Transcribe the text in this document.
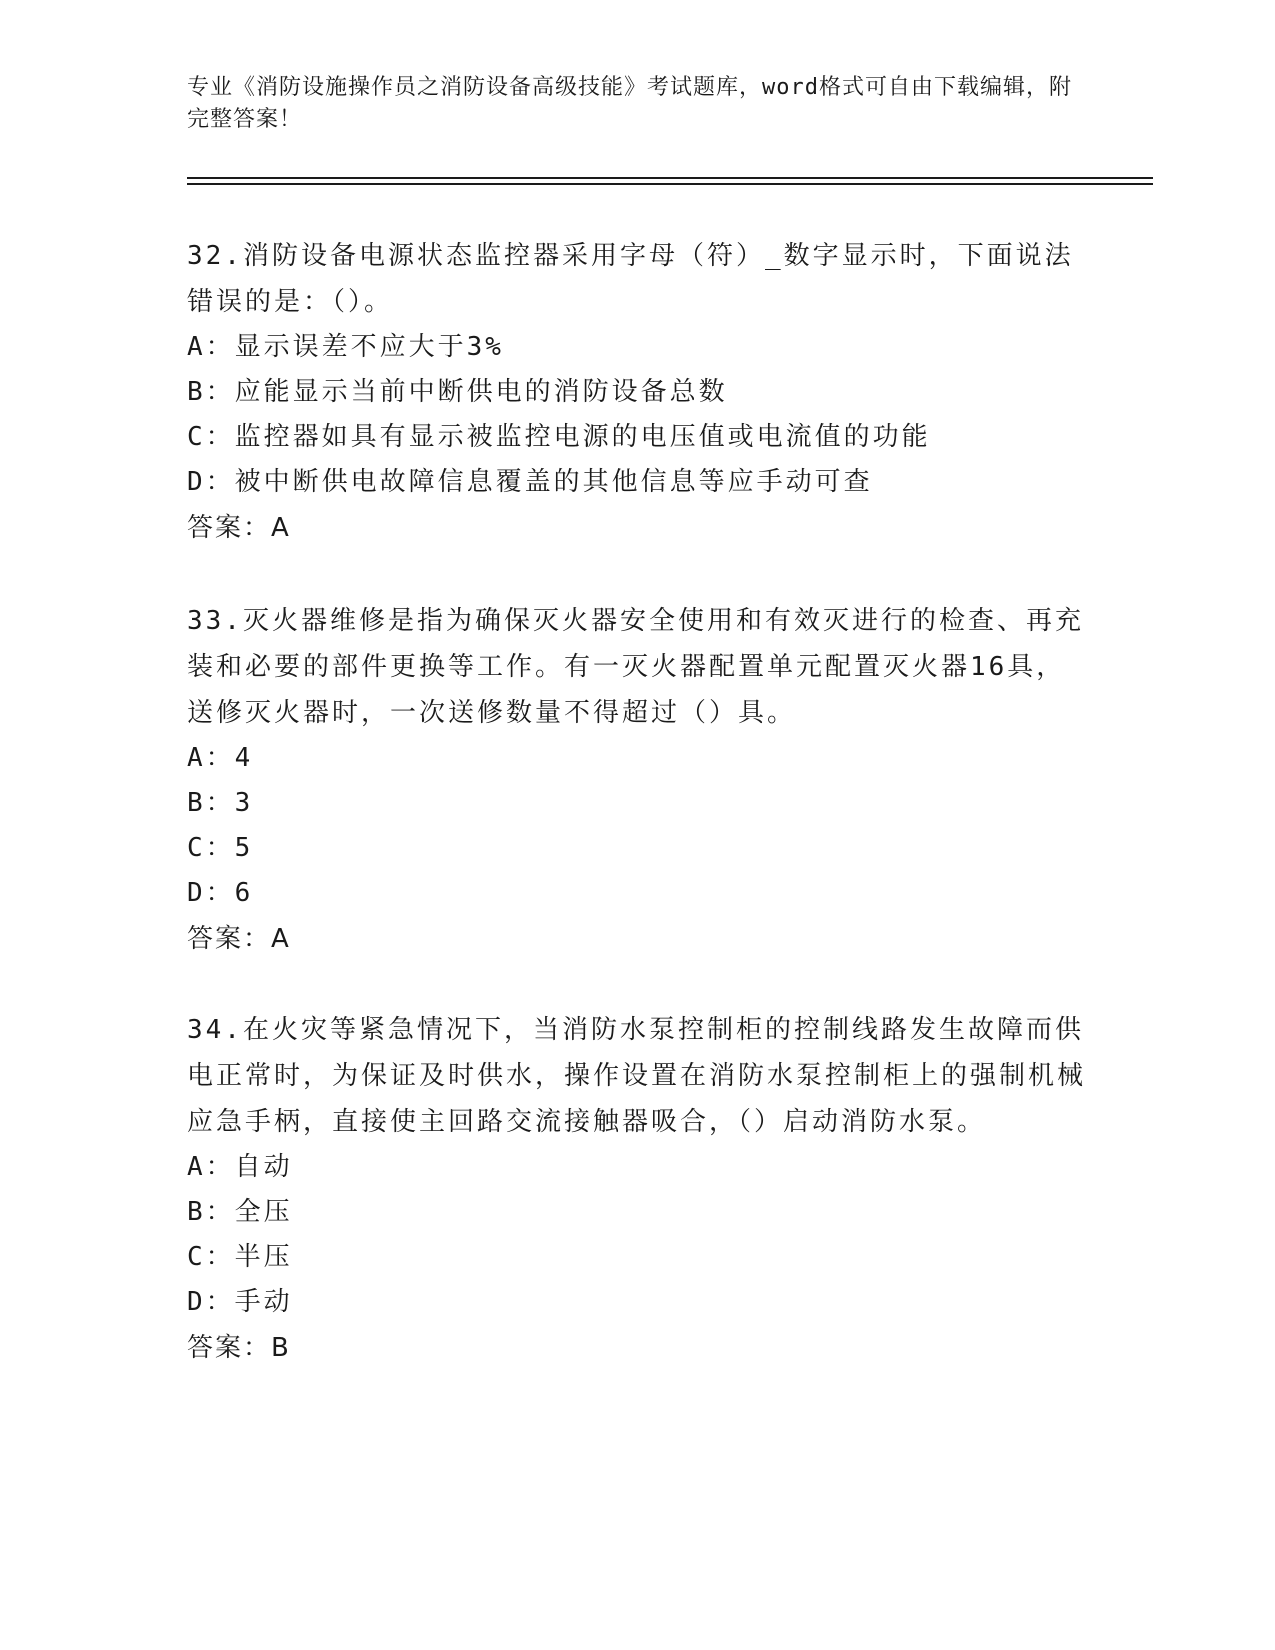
专业《消防设施操作员之消防设备高级技能》考试题库，word格式可自由下载编辑，附完整答案！
32.消防设备电源状态监控器采用字母（符）_数字显示时，下面说法错误的是：（）。
A：显示误差不应大于3%
B：应能显示当前中断供电的消防设备总数
C：监控器如具有显示被监控电源的电压值或电流值的功能
D：被中断供电故障信息覆盖的其他信息等应手动可查
答案：A
33.灭火器维修是指为确保灭火器安全使用和有效灭进行的检查、再充装和必要的部件更换等工作。有一灭火器配置单元配置灭火器16具，送修灭火器时，一次送修数量不得超过（）具。
A：4
B：3
C：5
D：6
答案：A
34.在火灾等紧急情况下，当消防水泵控制柜的控制线路发生故障而供电正常时，为保证及时供水，操作设置在消防水泵控制柜上的强制机械应急手柄，直接使主回路交流接触器吸合，（）启动消防水泵。
A：自动
B：全压
C：半压
D：手动
答案：B
